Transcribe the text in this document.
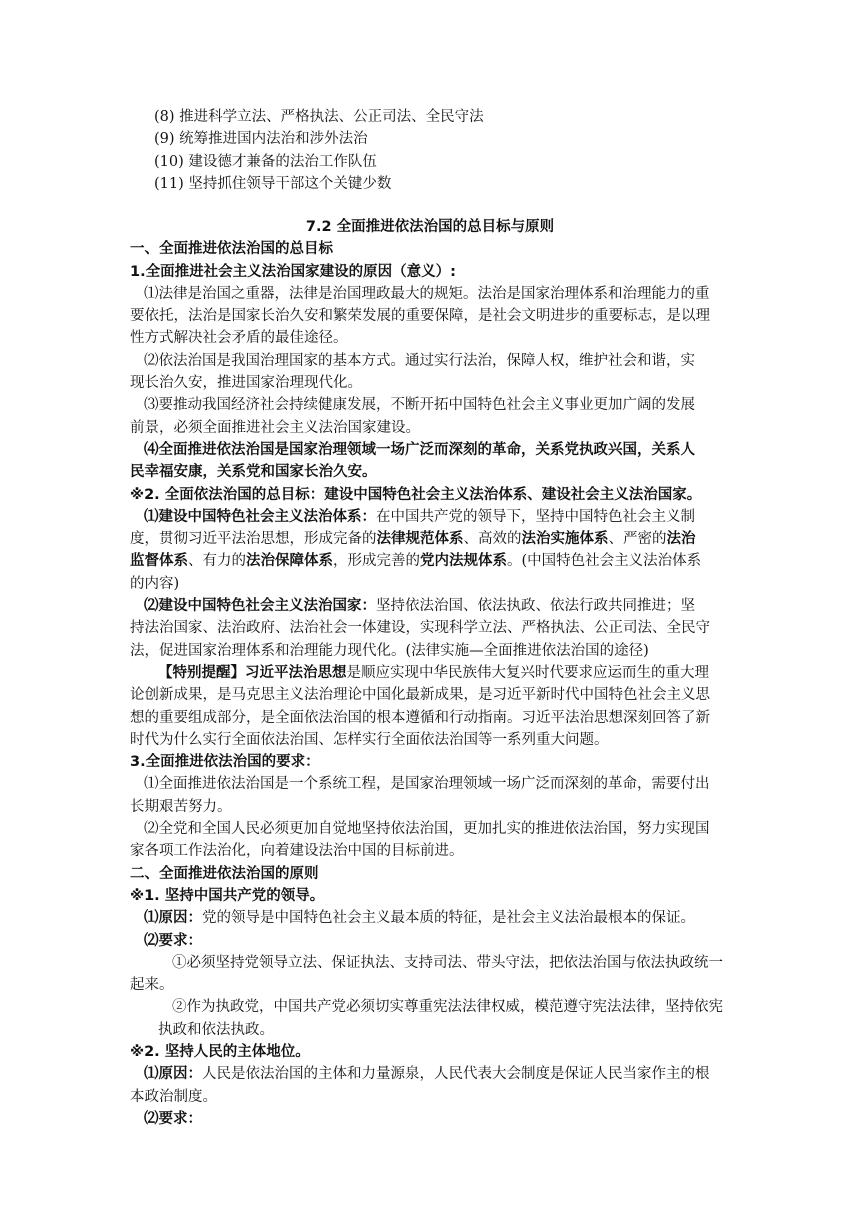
(8) 推进科学立法、严格执法、公正司法、全民守法
(9) 统筹推进国内法治和涉外法治
(10) 建设德才兼备的法治工作队伍
(11) 坚持抓住领导干部这个关键少数
7.2 全面推进依法治国的总目标与原则
一、全面推进依法治国的总目标
1.全面推进社会主义法治国家建设的原因（意义）:
⑴法律是治国之重器，法律是治国理政最大的规矩。法治是国家治理体系和治理能力的重
要依托，法治是国家长治久安和繁荣发展的重要保障，是社会文明进步的重要标志，是以理
性方式解决社会矛盾的最佳途径。
⑵依法治国是我国治理国家的基本方式。通过实行法治，保障人权，维护社会和谐，实
现长治久安，推进国家治理现代化。
⑶要推动我国经济社会持续健康发展，不断开拓中国特色社会主义事业更加广阔的发展
前景，必须全面推进社会主义法治国家建设。
⑷全面推进依法治国是国家治理领域一场广泛而深刻的革命，关系党执政兴国，关系人
民幸福安康，关系党和国家长治久安。
※2. 全面依法治国的总目标：建设中国特色社会主义法治体系、建设社会主义法治国家。
⑴建设中国特色社会主义法治体系：在中国共产党的领导下，坚持中国特色社会主义制
度，贯彻习近平法治思想，形成完备的法律规范体系、高效的法治实施体系、严密的法治
监督体系、有力的法治保障体系，形成完善的党内法规体系。(中国特色社会主义法治体系
的内容)
⑵建设中国特色社会主义法治国家：坚持依法治国、依法执政、依法行政共同推进；坚
持法治国家、法治政府、法治社会一体建设，实现科学立法、严格执法、公正司法、全民守
法，促进国家治理体系和治理能力现代化。(法律实施—全面推进依法治国的途径)
【特别提醒】习近平法治思想是顺应实现中华民族伟大复兴时代要求应运而生的重大理
论创新成果，是马克思主义法治理论中国化最新成果，是习近平新时代中国特色社会主义思
想的重要组成部分，是全面依法治国的根本遵循和行动指南。习近平法治思想深刻回答了新
时代为什么实行全面依法治国、怎样实行全面依法治国等一系列重大问题。
3.全面推进依法治国的要求：
⑴全面推进依法治国是一个系统工程，是国家治理领域一场广泛而深刻的革命，需要付出
长期艰苦努力。
⑵全党和全国人民必须更加自觉地坚持依法治国，更加扎实的推进依法治国，努力实现国
家各项工作法治化，向着建设法治中国的目标前进。
二、全面推进依法治国的原则
※1. 坚持中国共产党的领导。
⑴原因：党的领导是中国特色社会主义最本质的特征，是社会主义法治最根本的保证。
⑵要求：
①必须坚持党领导立法、保证执法、支持司法、带头守法，把依法治国与依法执政统一
起来。
②作为执政党，中国共产党必须切实尊重宪法法律权威，模范遵守宪法法律，坚持依宪
执政和依法执政。
※2. 坚持人民的主体地位。
⑴原因：人民是依法治国的主体和力量源泉，人民代表大会制度是保证人民当家作主的根
本政治制度。
⑵要求：
